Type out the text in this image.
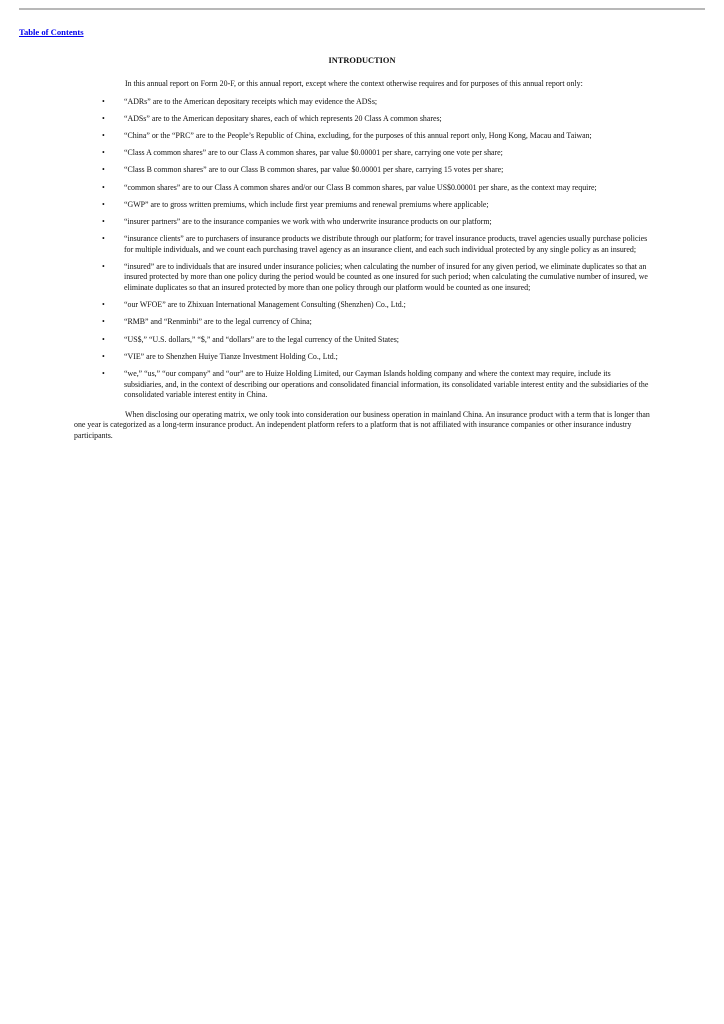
Table of Contents
INTRODUCTION

In this annual report on Form 20-F, or this annual report, except where the context otherwise requires and for purposes of this annual report only:

• “ADRs” are to the American depositary receipts which may evidence the ADSs;
• “ADSs” are to the American depositary shares, each of which represents 20 Class A common shares;
• “China” or the “PRC” are to the People’s Republic of China, excluding, for the purposes of this annual report only, Hong Kong, Macau and Taiwan;
• “Class A common shares” are to our Class A common shares, par value $0.00001 per share, carrying one vote per share;
• “Class B common shares” are to our Class B common shares, par value $0.00001 per share, carrying 15 votes per share;
• “common shares” are to our Class A common shares and/or our Class B common shares, par value US$0.00001 per share, as the context may require;
• “GWP” are to gross written premiums, which include first year premiums and renewal premiums where applicable;
• “insurer partners” are to the insurance companies we work with who underwrite insurance products on our platform;
• “insurance clients” are to purchasers of insurance products we distribute through our platform; for travel insurance products, travel agencies usually purchase policies for multiple individuals, and we count each purchasing travel agency as an insurance client, and each such individual protected by any single policy as an insured;
• “insured” are to individuals that are insured under insurance policies; when calculating the number of insured for any given period, we eliminate duplicates so that an insured protected by more than one policy during the period would be counted as one insured for such period; when calculating the cumulative number of insured, we eliminate duplicates so that an insured protected by more than one policy through our platform would be counted as one insured;
• “our WFOE” are to Zhixuan International Management Consulting (Shenzhen) Co., Ltd.;
• “RMB” and “Renminbi” are to the legal currency of China;
• “US$,” “U.S. dollars,” “$,” and “dollars” are to the legal currency of the United States;
• “VIE” are to Shenzhen Huiye Tianze Investment Holding Co., Ltd.;
• “we,” “us,” “our company” and “our” are to Huize Holding Limited, our Cayman Islands holding company and where the context may require, include its subsidiaries, and, in the context of describing our operations and consolidated financial information, its consolidated variable interest entity and the subsidiaries of the consolidated variable interest entity in China.

When disclosing our operating matrix, we only took into consideration our business operation in mainland China. An insurance product with a term that is longer than one year is categorized as a long-term insurance product. An independent platform refers to a platform that is not affiliated with insurance companies or other insurance industry participants.
